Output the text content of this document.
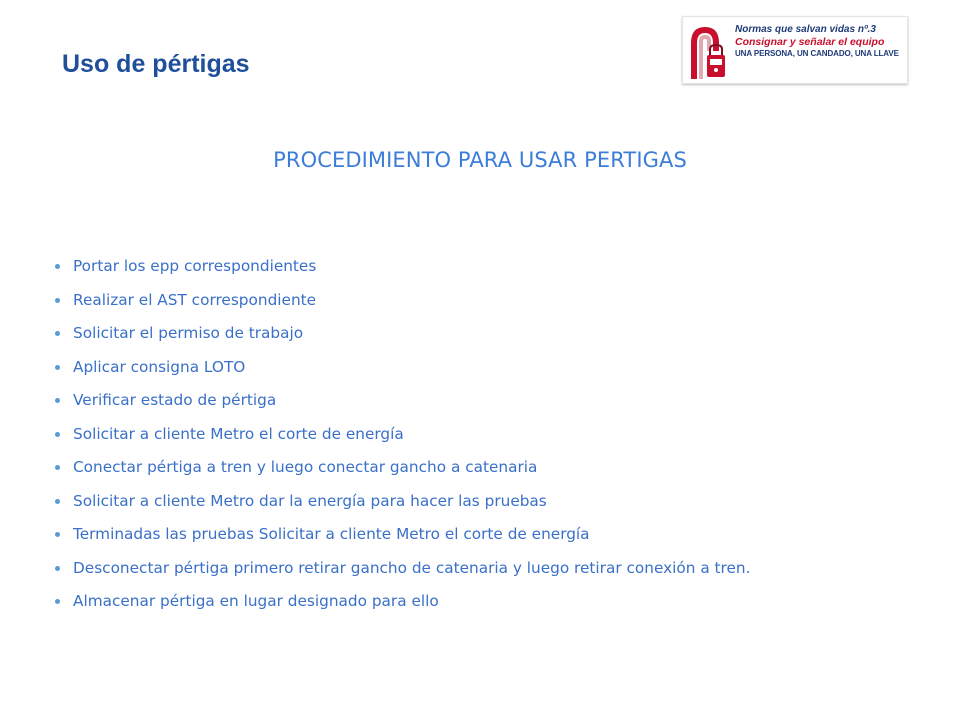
Uso de pértigas
Normas que salvan vidas nº.3
Consignar y señalar el equipo
UNA PERSONA, UN CANDADO, UNA LLAVE
PROCEDIMIENTO PARA USAR PERTIGAS
Portar los epp correspondientes
Realizar el AST correspondiente
Solicitar el permiso de trabajo
Aplicar consigna LOTO
Verificar estado de pértiga
Solicitar a cliente Metro el corte de energía
Conectar pértiga a tren y luego conectar gancho a catenaria
Solicitar a cliente Metro dar la energía para hacer las pruebas
Terminadas las pruebas Solicitar a cliente Metro el corte de energía
Desconectar pértiga primero retirar gancho de catenaria y luego retirar conexión a tren.
Almacenar pértiga en lugar designado para ello
